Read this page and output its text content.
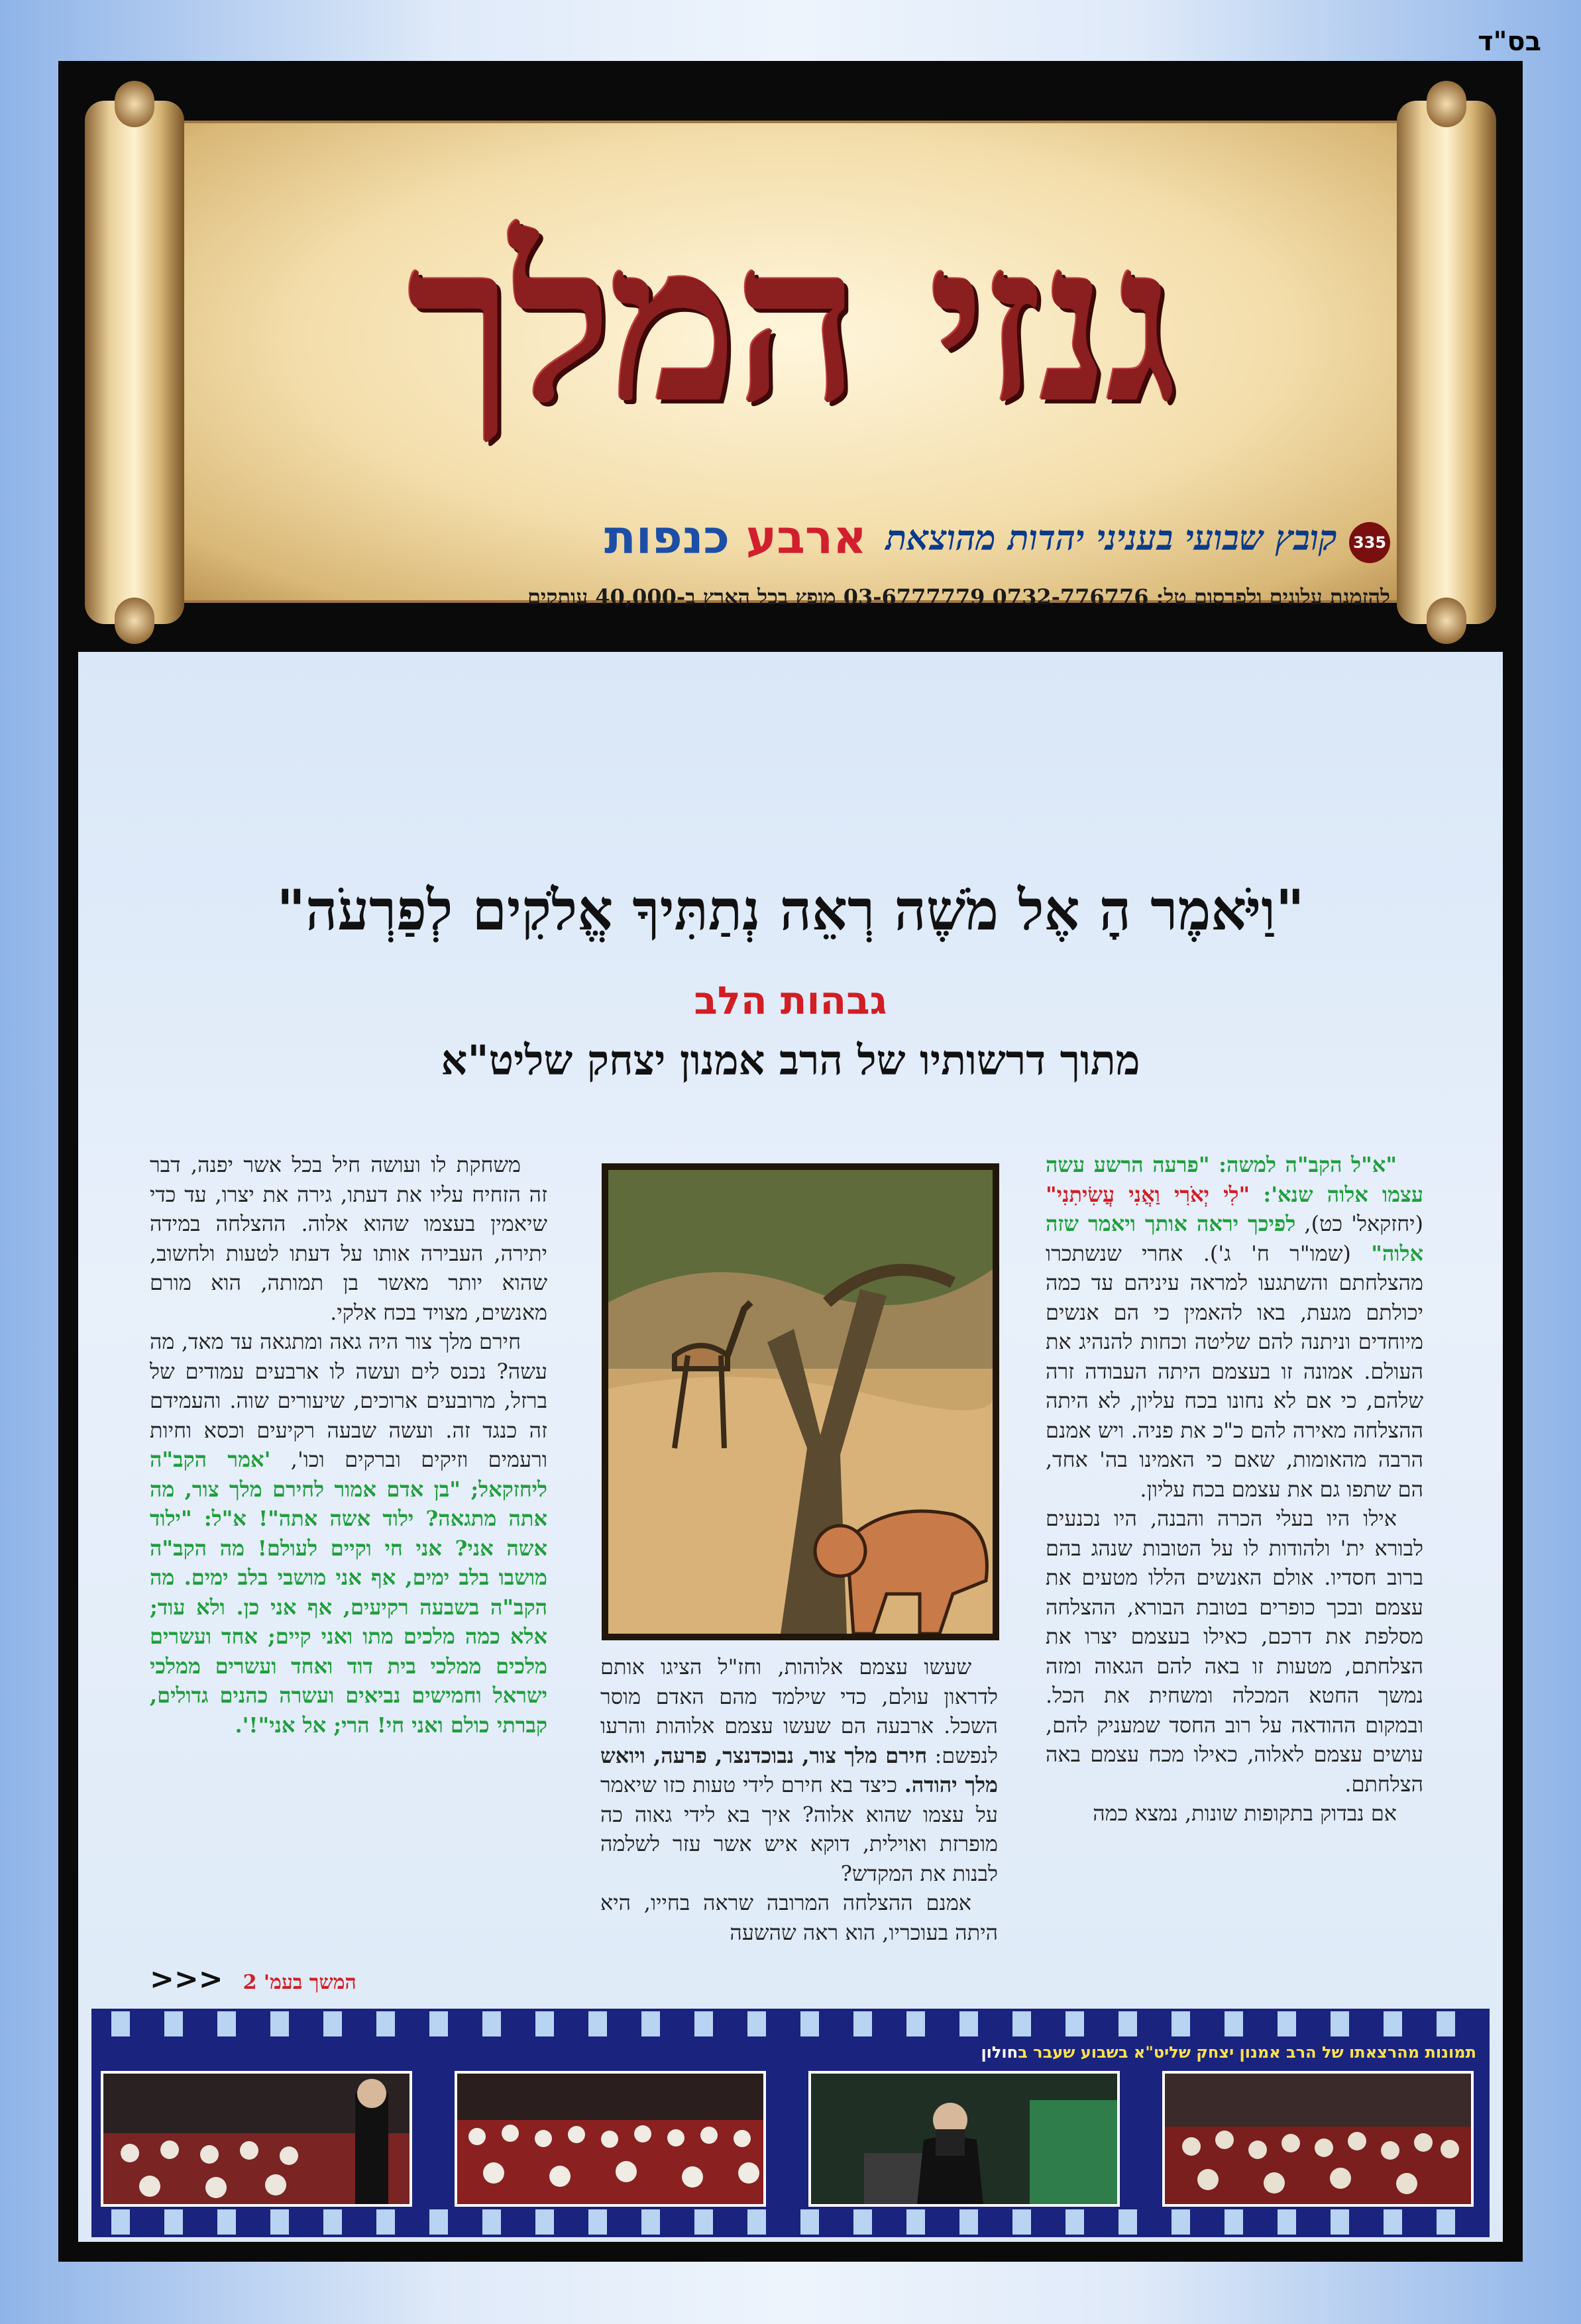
בס"ד
גנזי המלך
335
קובץ שבועי בעניני יהדות מהוצאת
ארבע כנפות
להזמנת עלונים ולפרסום טל: 0732-776776 03-6777779 מופץ בכל הארץ ב-40,000 עותקים
"וַיֹּאמֶר הָ אֶל מֹשֶׁה רְאֵה נְתַתִּיךָ אֱלֹקִים לְפַרְעֹה"
גבהות הלב
מתוך דרשותיו של הרב אמנון יצחק שליט"א

"א"ל הקב"ה למשה: "פרעה הרשע עשה עצמו אלוה שנא': "לִי יְאֹרִי וַאֲנִי עֲשִׂיתִנִי" (יחזקאל' כט), לפיכך יראה אותך ויאמר שזה אלוה" (שמו"ר ח' ג'). אחרי שנשתכרו מהצלחתם והשתגעו למראה עיניהם עד כמה יכולתם מגעת, באו להאמין כי הם אנשים מיוחדים וניתנה להם שליטה וכחות להנהיג את העולם. אמונה זו בעצמם היתה העבודה זרה שלהם, כי אם לא נחונו בכח עליון, לא היתה ההצלחה מאירה להם כ"כ את פניה. ויש אמנם הרבה מהאומות, שאם כי האמינו בה' אחד, הם שתפו גם את עצמם בכח עליון.

אילו היו בעלי הכרה והבנה, היו נכנעים לבורא ית' ולהודות לו על הטובות שנהג בהם ברוב חסדיו. אולם האנשים הללו מטעים את עצמם ובכך כופרים בטובת הבורא, ההצלחה מסלפת את דרכם, כאילו בעצמם יצרו את הצלחתם, מטעות זו באה להם הגאוה ומזה נמשך החטא המכלה ומשחית את הכל. ובמקום ההודאה על רוב החסד שמעניק להם, עושים עצמם לאלוה, כאילו מכח עצמם באה הצלחתם.

אם נבדוק בתקופות שונות, נמצא כמה

שעשו עצמם אלוהות, וחז"ל הציגו אותם לדראון עולם, כדי שילמד מהם האדם מוסר השכל. ארבעה הם שעשו עצמם אלוהות והרעו לנפשם: חירם מלך צור, נבוכדנצר, פרעה, ויואש מלך יהודה. כיצד בא חירם לידי טעות כזו שיאמר על עצמו שהוא אלוה? איך בא לידי גאוה כה מופרזת ואוילית, דוקא איש אשר עזר לשלמה לבנות את המקדש?

אמנם ההצלחה המרובה שראה בחייו, היא היתה בעוכריו, הוא ראה שהשעה

משחקת לו ועושה חיל בכל אשר יפנה, דבר זה הזחיח עליו את דעתו, גירה את יצרו, עד כדי שיאמין בעצמו שהוא אלוה. ההצלחה במידה יתירה, העבירה אותו על דעתו לטעות ולחשוב, שהוא יותר מאשר בן תמותה, הוא מורם מאנשים, מצויד בכח אלקי.

חירם מלך צור היה גאה ומתגאה עד מאד, מה עשה? נכנס לים ועשה לו ארבעים עמודים של ברזל, מרובעים ארוכים, שיעורים שוה. והעמידם זה כנגד זה. ועשה שבעה רקיעים וכסא וחיות ורעמים וזיקים וברקים וכו', 'אמר הקב"ה ליחזקאל; "בן אדם אמור לחירם מלך צור, מה אתה מתגאה? ילוד אשה אתה"! א"ל: "ילוד אשה אני? אני חי וקיים לעולם! מה הקב"ה מושבו בלב ימים, אף אני מושבי בלב ימים. מה הקב"ה בשבעה רקיעים, אף אני כן. ולא עוד; אלא כמה מלכים מתו ואני קיים; אחד ועשרים מלכים ממלכי בית דוד ואחד ועשרים ממלכי ישראל וחמישים נביאים ועשרה כהנים גדולים, קברתי כולם ואני חי! הרי; אל אני"!'.

המשך בעמ' 2<<<
תמונות מהרצאתו של הרב אמנון יצחק שליט"א בשבוע שעבר בחולון
